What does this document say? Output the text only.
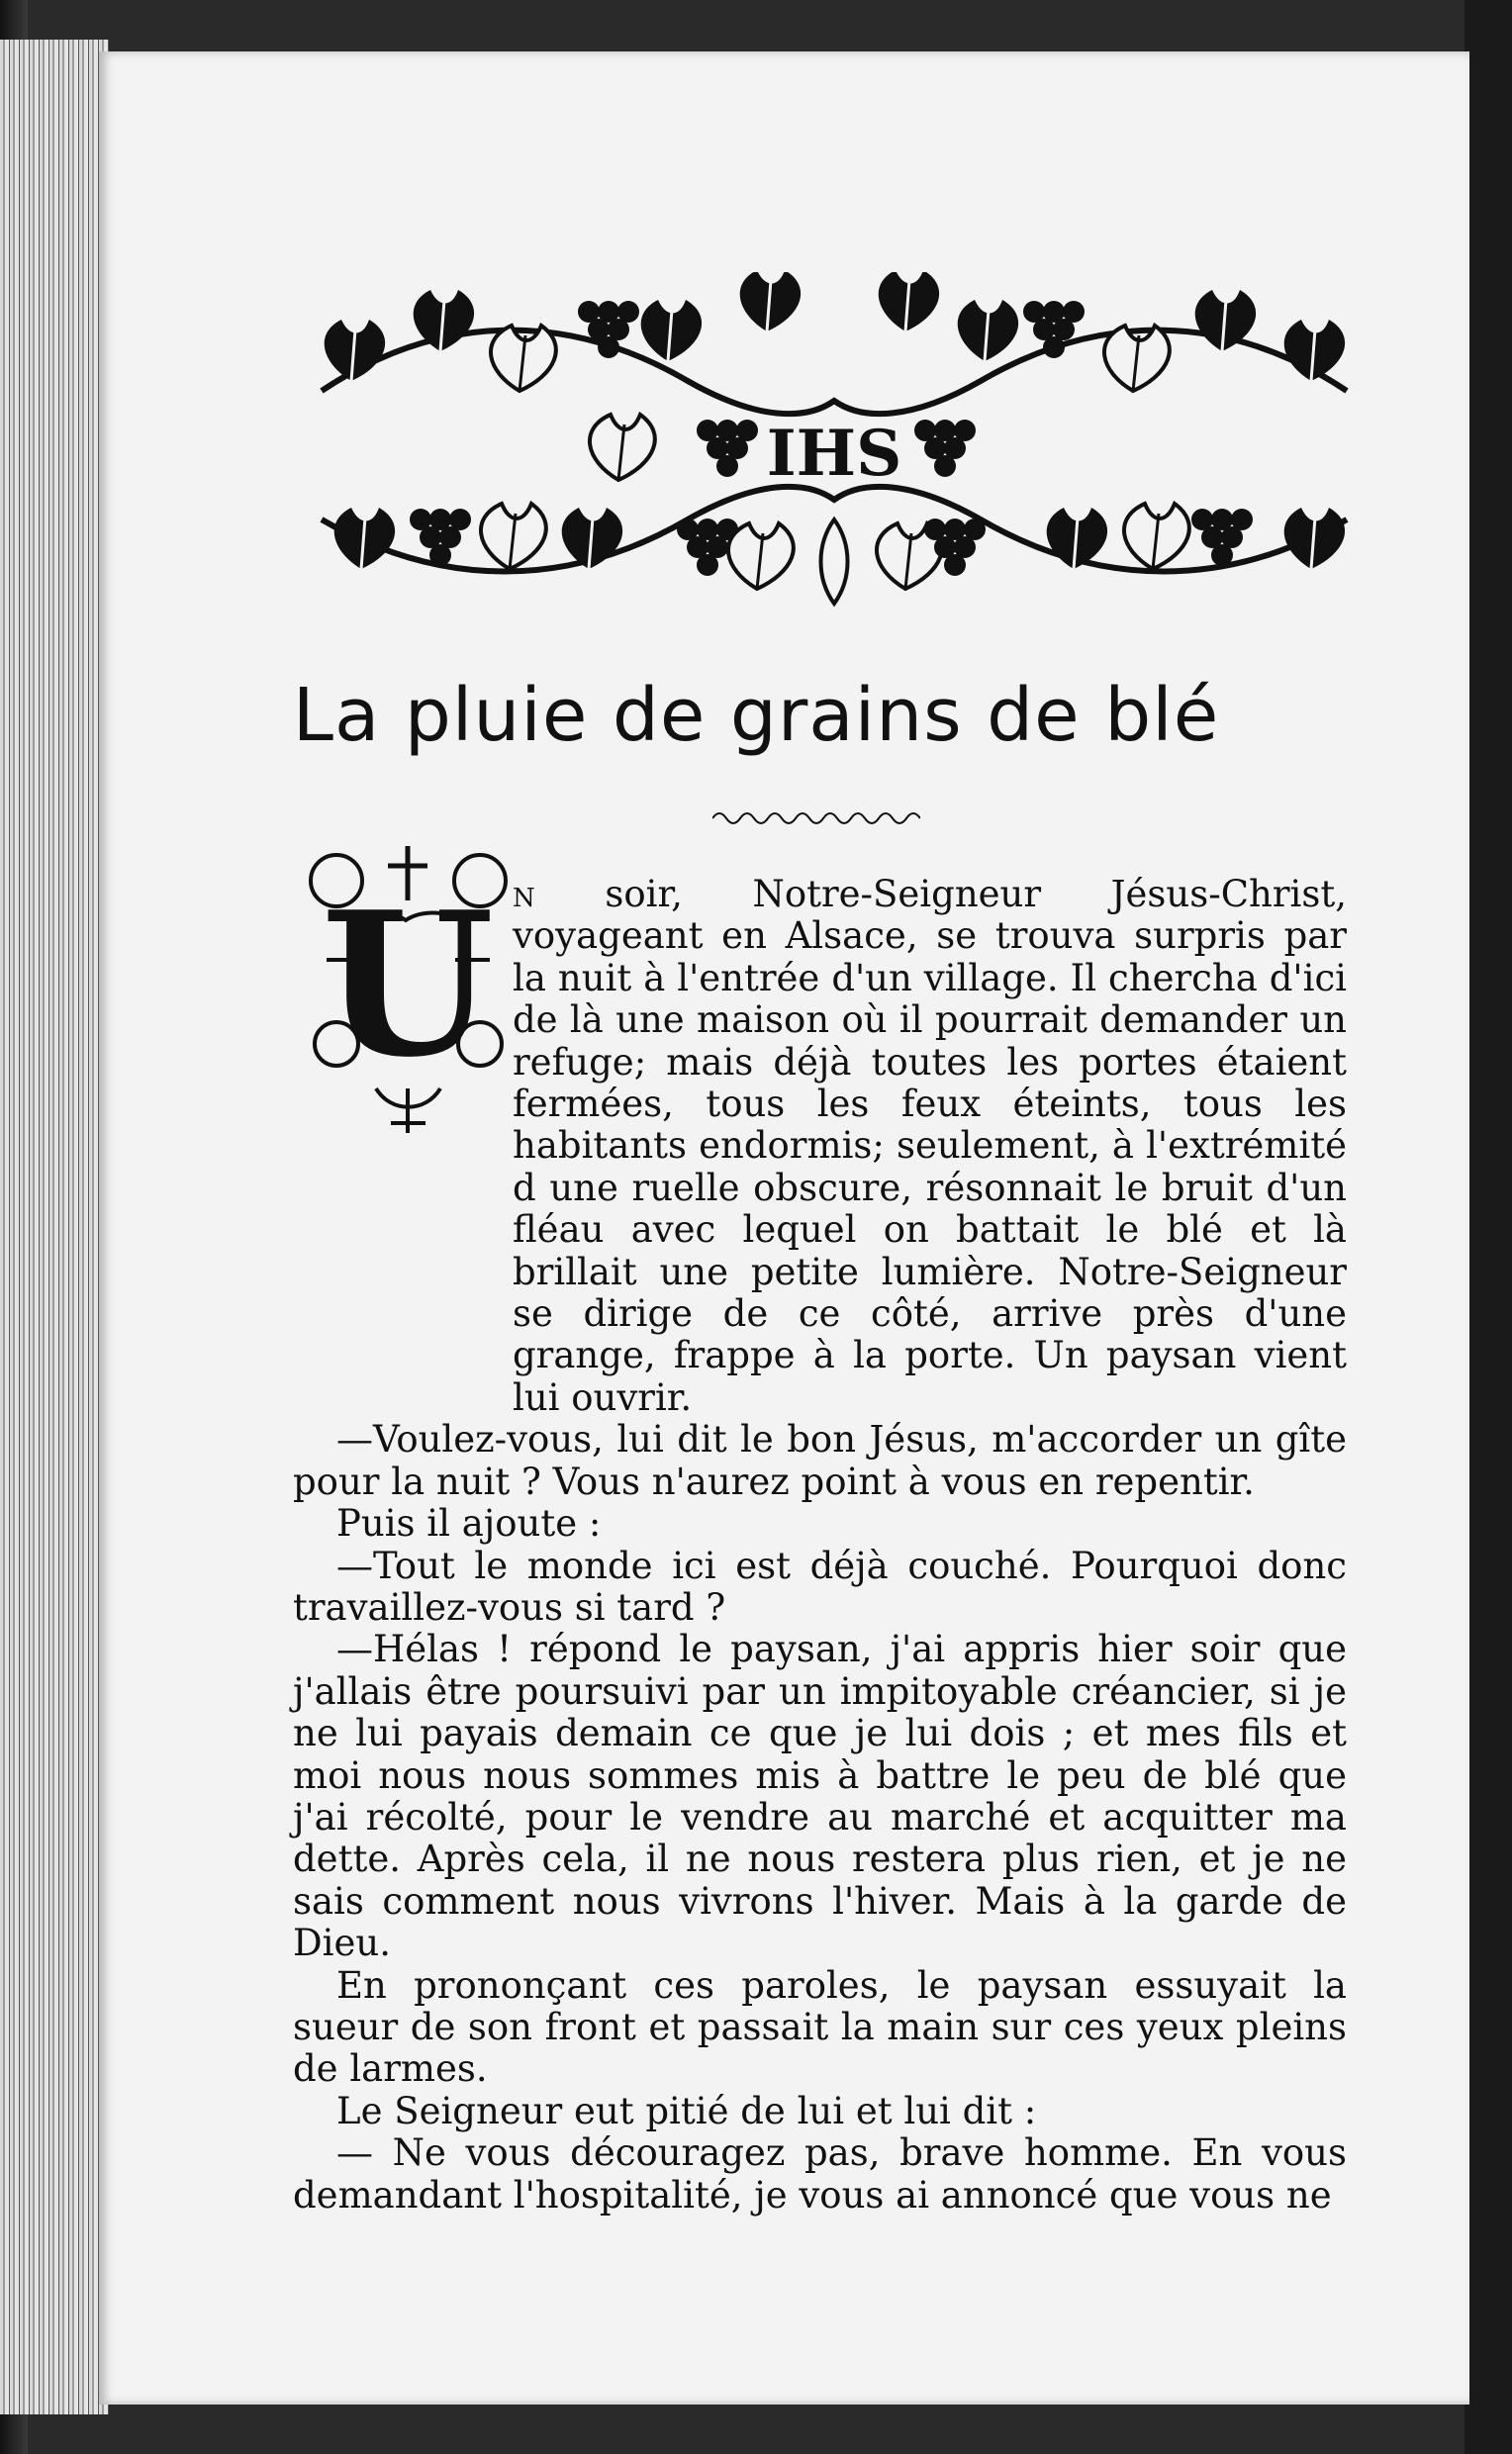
IHS
La pluie de grains de blé
U n soir, Notre-Seigneur Jésus-Christ, voyageant en Alsace, se trouva surpris par la nuit à l'entrée d'un village. Il chercha d'ici de là une maison où il pourrait demander un refuge; mais déjà toutes les portes étaient fermées, tous les feux éteints, tous les habitants endormis; seulement, à l'extrémité d une ruelle obscure, résonnait le bruit d'un fléau avec lequel on battait le blé et là brillait une petite lumière. Notre-Seigneur se dirige de ce côté, arrive près d'une grange, frappe à la porte. Un paysan vient lui ouvrir.

—Voulez-vous, lui dit le bon Jésus, m'accorder un gîte pour la nuit ? Vous n'aurez point à vous en repentir.

Puis il ajoute :

—Tout le monde ici est déjà couché. Pourquoi donc travaillez-vous si tard ?

—Hélas ! répond le paysan, j'ai appris hier soir que j'allais être poursuivi par un impitoyable créancier, si je ne lui payais demain ce que je lui dois ; et mes fils et moi nous nous sommes mis à battre le peu de blé que j'ai récolté, pour le vendre au marché et acquitter ma dette. Après cela, il ne nous restera plus rien, et je ne sais comment nous vivrons l'hiver. Mais à la garde de Dieu.

En prononçant ces paroles, le paysan essuyait la sueur de son front et passait la main sur ces yeux pleins de larmes.

Le Seigneur eut pitié de lui et lui dit :

— Ne vous découragez pas, brave homme. En vous demandant l'hospitalité, je vous ai annoncé que vous ne
